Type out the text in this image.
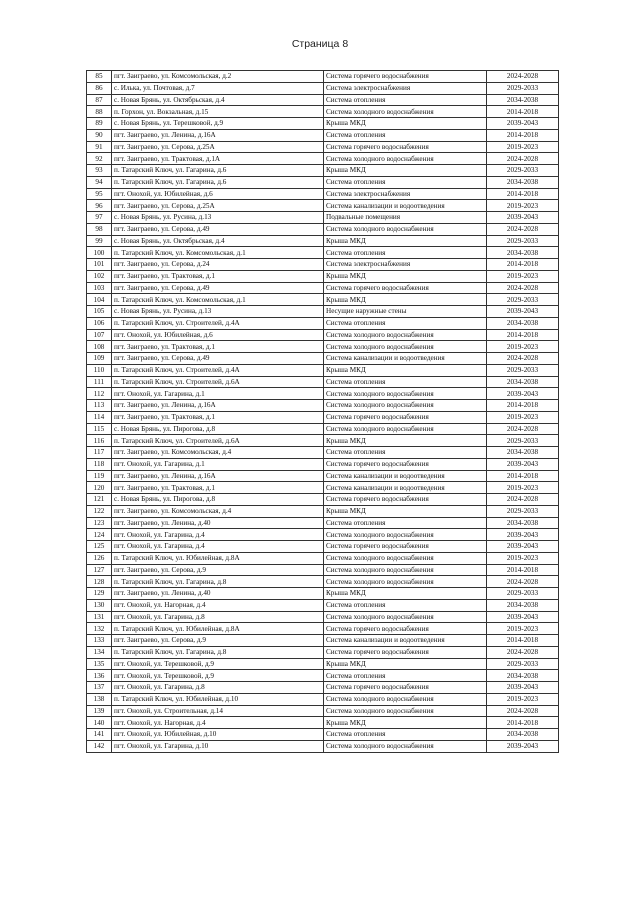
Страница 8
85	пгт. Заиграево, ул. Комсомольская, д.2	Система горячего водоснабжения	2024-2028
86	с. Илька, ул. Почтовая, д.7	Система электроснабжения	2029-2033
87	с. Новая Брянь, ул. Октябрьская, д.4	Система отопления	2034-2038
88	п. Горхон, ул. Вокзальная, д.15	Система холодного водоснабжения	2014-2018
89	с. Новая Брянь, ул. Терешковой, д.9	Крыша МКД	2039-2043
90	пгт. Заиграево, ул. Ленина, д.16А	Система отопления	2014-2018
91	пгт. Заиграево, ул. Серова, д.25А	Система горячего водоснабжения	2019-2023
92	пгт. Заиграево, ул. Трактовая, д.1А	Система холодного водоснабжения	2024-2028
93	п. Татарский Ключ, ул. Гагарина, д.6	Крыша МКД	2029-2033
94	п. Татарский Ключ, ул. Гагарина, д.6	Система отопления	2034-2038
95	пгт. Онохой, ул. Юбилейная, д.6	Система электроснабжения	2014-2018
96	пгт. Заиграево, ул. Серова, д.25А	Система канализации и водоотведения	2019-2023
97	с. Новая Брянь, ул. Русина, д.13	Подвальные помещения	2039-2043
98	пгт. Заиграево, ул. Серова, д.49	Система холодного водоснабжения	2024-2028
99	с. Новая Брянь, ул. Октябрьская, д.4	Крыша МКД	2029-2033
100	п. Татарский Ключ, ул. Комсомольская, д.1	Система отопления	2034-2038
101	пгт. Заиграево, ул. Серова, д.24	Система электроснабжения	2014-2018
102	пгт. Заиграево, ул. Трактовая, д.1	Крыша МКД	2019-2023
103	пгт. Заиграево, ул. Серова, д.49	Система горячего водоснабжения	2024-2028
104	п. Татарский Ключ, ул. Комсомольская, д.1	Крыша МКД	2029-2033
105	с. Новая Брянь, ул. Русина, д.13	Несущие наружные стены	2039-2043
106	п. Татарский Ключ, ул. Строителей, д.4А	Система отопления	2034-2038
107	пгт. Онохой, ул. Юбилейная, д.6	Система холодного водоснабжения	2014-2018
108	пгт. Заиграево, ул. Трактовая, д.1	Система холодного водоснабжения	2019-2023
109	пгт. Заиграево, ул. Серова, д.49	Система канализации и водоотведения	2024-2028
110	п. Татарский Ключ, ул. Строителей, д.4А	Крыша МКД	2029-2033
111	п. Татарский Ключ, ул. Строителей, д.6А	Система отопления	2034-2038
112	пгт. Онохой, ул. Гагарина, д.1	Система холодного водоснабжения	2039-2043
113	пгт. Заиграево, ул. Ленина, д.16А	Система холодного водоснабжения	2014-2018
114	пгт. Заиграево, ул. Трактовая, д.1	Система горячего водоснабжения	2019-2023
115	с. Новая Брянь, ул. Пирогова, д.8	Система холодного водоснабжения	2024-2028
116	п. Татарский Ключ, ул. Строителей, д.6А	Крыша МКД	2029-2033
117	пгт. Заиграево, ул. Комсомольская, д.4	Система отопления	2034-2038
118	пгт. Онохой, ул. Гагарина, д.1	Система горячего водоснабжения	2039-2043
119	пгт. Заиграево, ул. Ленина, д.16А	Система канализации и водоотведения	2014-2018
120	пгт. Заиграево, ул. Трактовая, д.1	Система канализации и водоотведения	2019-2023
121	с. Новая Брянь, ул. Пирогова, д.8	Система горячего водоснабжения	2024-2028
122	пгт. Заиграево, ул. Комсомольская, д.4	Крыша МКД	2029-2033
123	пгт. Заиграево, ул. Ленина, д.40	Система отопления	2034-2038
124	пгт. Онохой, ул. Гагарина, д.4	Система холодного водоснабжения	2039-2043
125	пгт. Онохой, ул. Гагарина, д.4	Система горячего водоснабжения	2039-2043
126	п. Татарский Ключ, ул. Юбилейная, д.8А	Система холодного водоснабжения	2019-2023
127	пгт. Заиграево, ул. Серова, д.9	Система холодного водоснабжения	2014-2018
128	п. Татарский Ключ, ул. Гагарина, д.8	Система холодного водоснабжения	2024-2028
129	пгт. Заиграево, ул. Ленина, д.40	Крыша МКД	2029-2033
130	пгт. Онохой, ул. Нагорная, д.4	Система отопления	2034-2038
131	пгт. Онохой, ул. Гагарина, д.8	Система холодного водоснабжения	2039-2043
132	п. Татарский Ключ, ул. Юбилейная, д.8А	Система горячего водоснабжения	2019-2023
133	пгт. Заиграево, ул. Серова, д.9	Система канализации и водоотведения	2014-2018
134	п. Татарский Ключ, ул. Гагарина, д.8	Система горячего водоснабжения	2024-2028
135	пгт. Онохой, ул. Терешковой, д.9	Крыша МКД	2029-2033
136	пгт. Онохой, ул. Терешковой, д.9	Система отопления	2034-2038
137	пгт. Онохой, ул. Гагарина, д.8	Система горячего водоснабжения	2039-2043
138	п. Татарский Ключ, ул. Юбилейная, д.10	Система холодного водоснабжения	2019-2023
139	пгт. Онохой, ул. Строительная, д.14	Система холодного водоснабжения	2024-2028
140	пгт. Онохой, ул. Нагорная, д.4	Крыша МКД	2014-2018
141	пгт. Онохой, ул. Юбилейная, д.10	Система отопления	2034-2038
142	пгт. Онохой, ул. Гагарина, д.10	Система холодного водоснабжения	2039-2043
